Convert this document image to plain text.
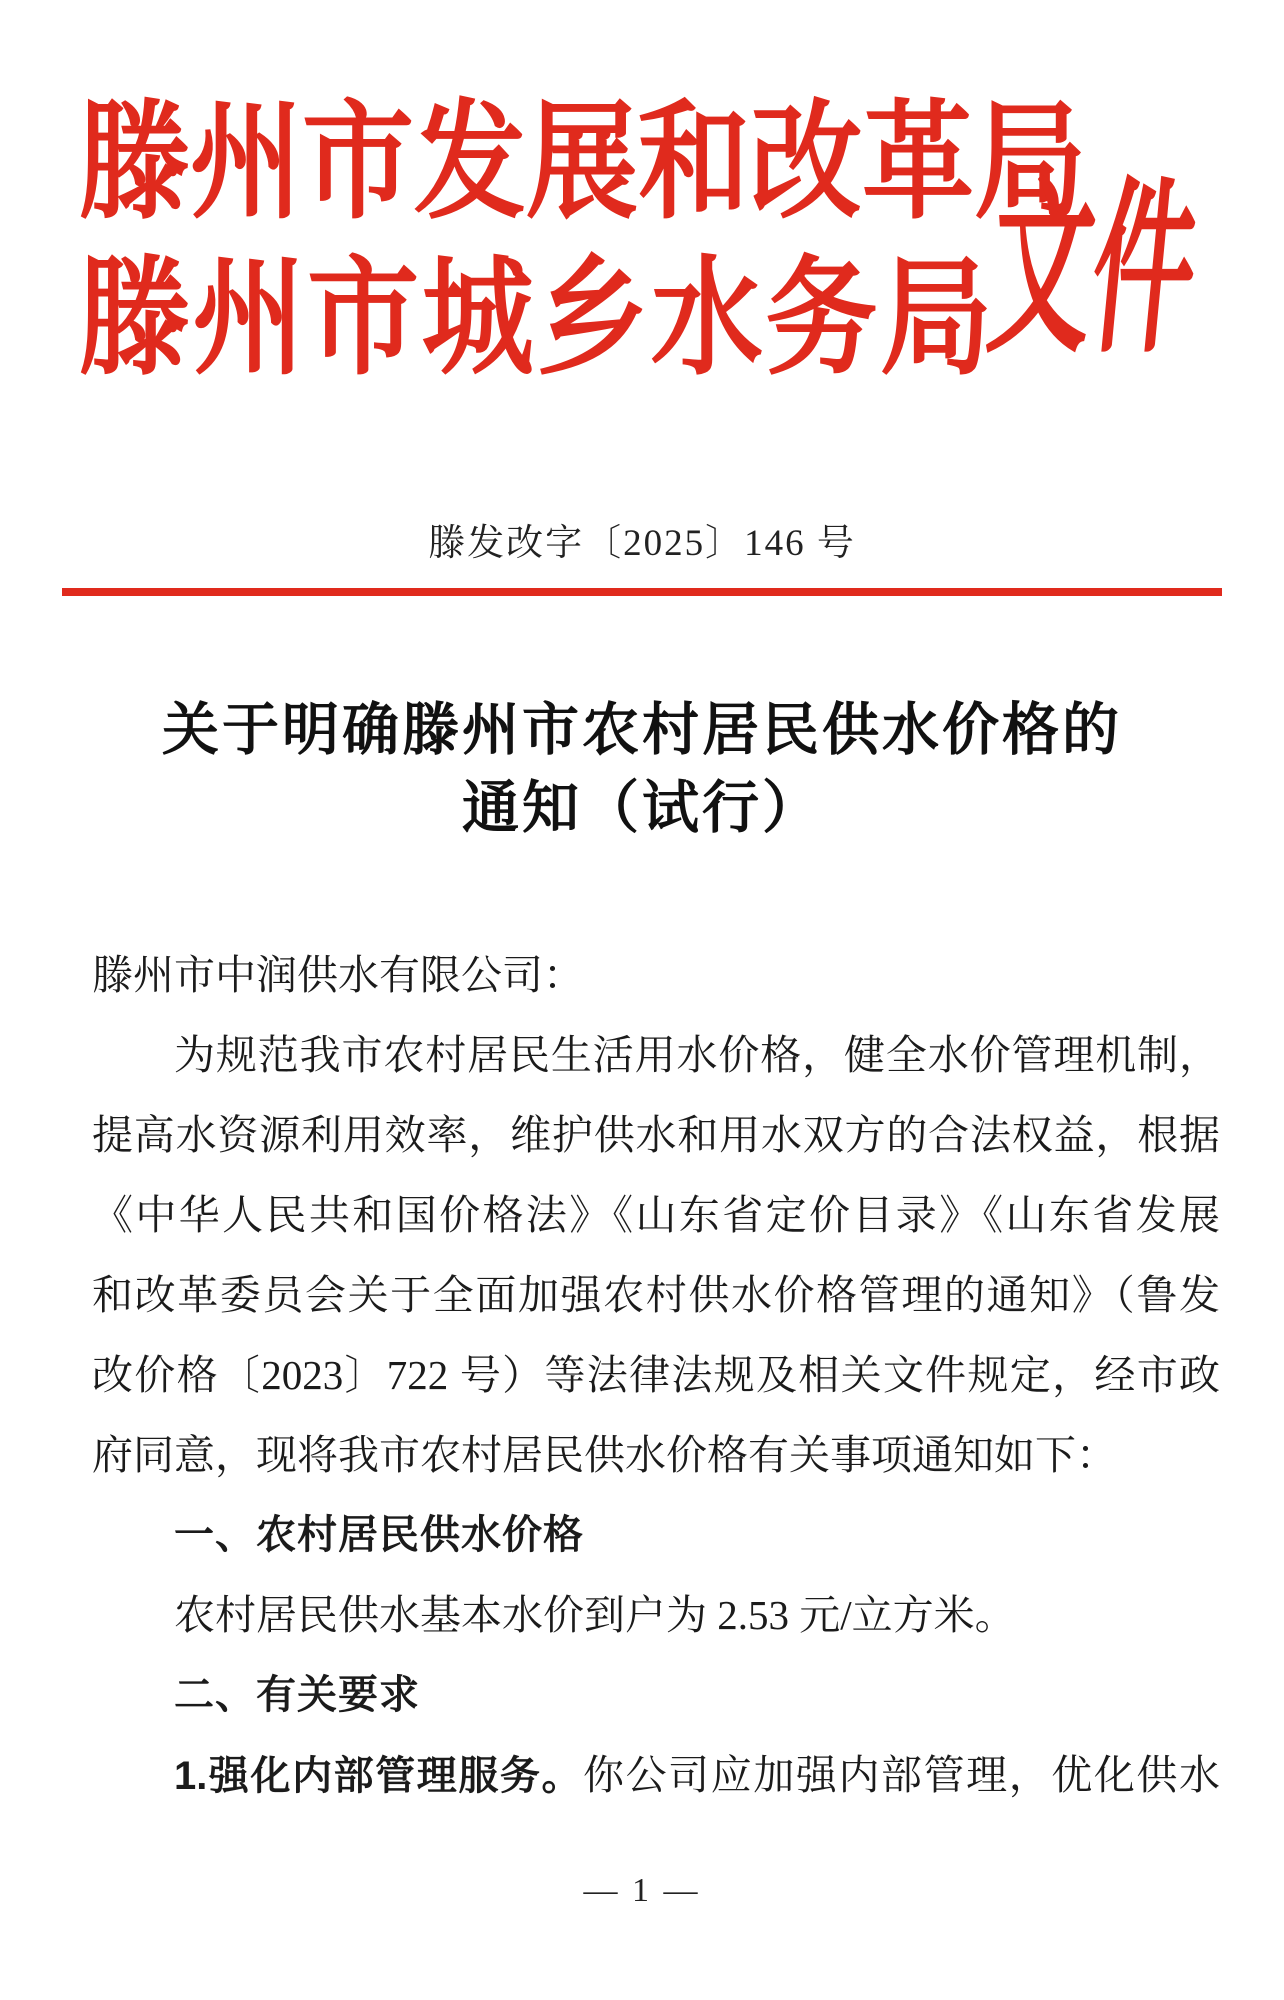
滕州市发展和改革局
滕州市城乡水务局
文件
滕发改字〔2025〕146 号
关于明确滕州市农村居民供水价格的
通知（试行）
滕州市中润供水有限公司：
为规范我市农村居民生活用水价格，健全水价管理机制，
提高水资源利用效率，维护供水和用水双方的合法权益，根据
《中华人民共和国价格法》《山东省定价目录》《山东省发展
和改革委员会关于全面加强农村供水价格管理的通知》（鲁发
改价格〔2023〕722 号）等法律法规及相关文件规定，经市政
府同意，现将我市农村居民供水价格有关事项通知如下：
一、农村居民供水价格
农村居民供水基本水价到户为 2.53 元/立方米。
二、有关要求
1.强化内部管理服务。你公司应加强内部管理，优化供水
— 1 —
